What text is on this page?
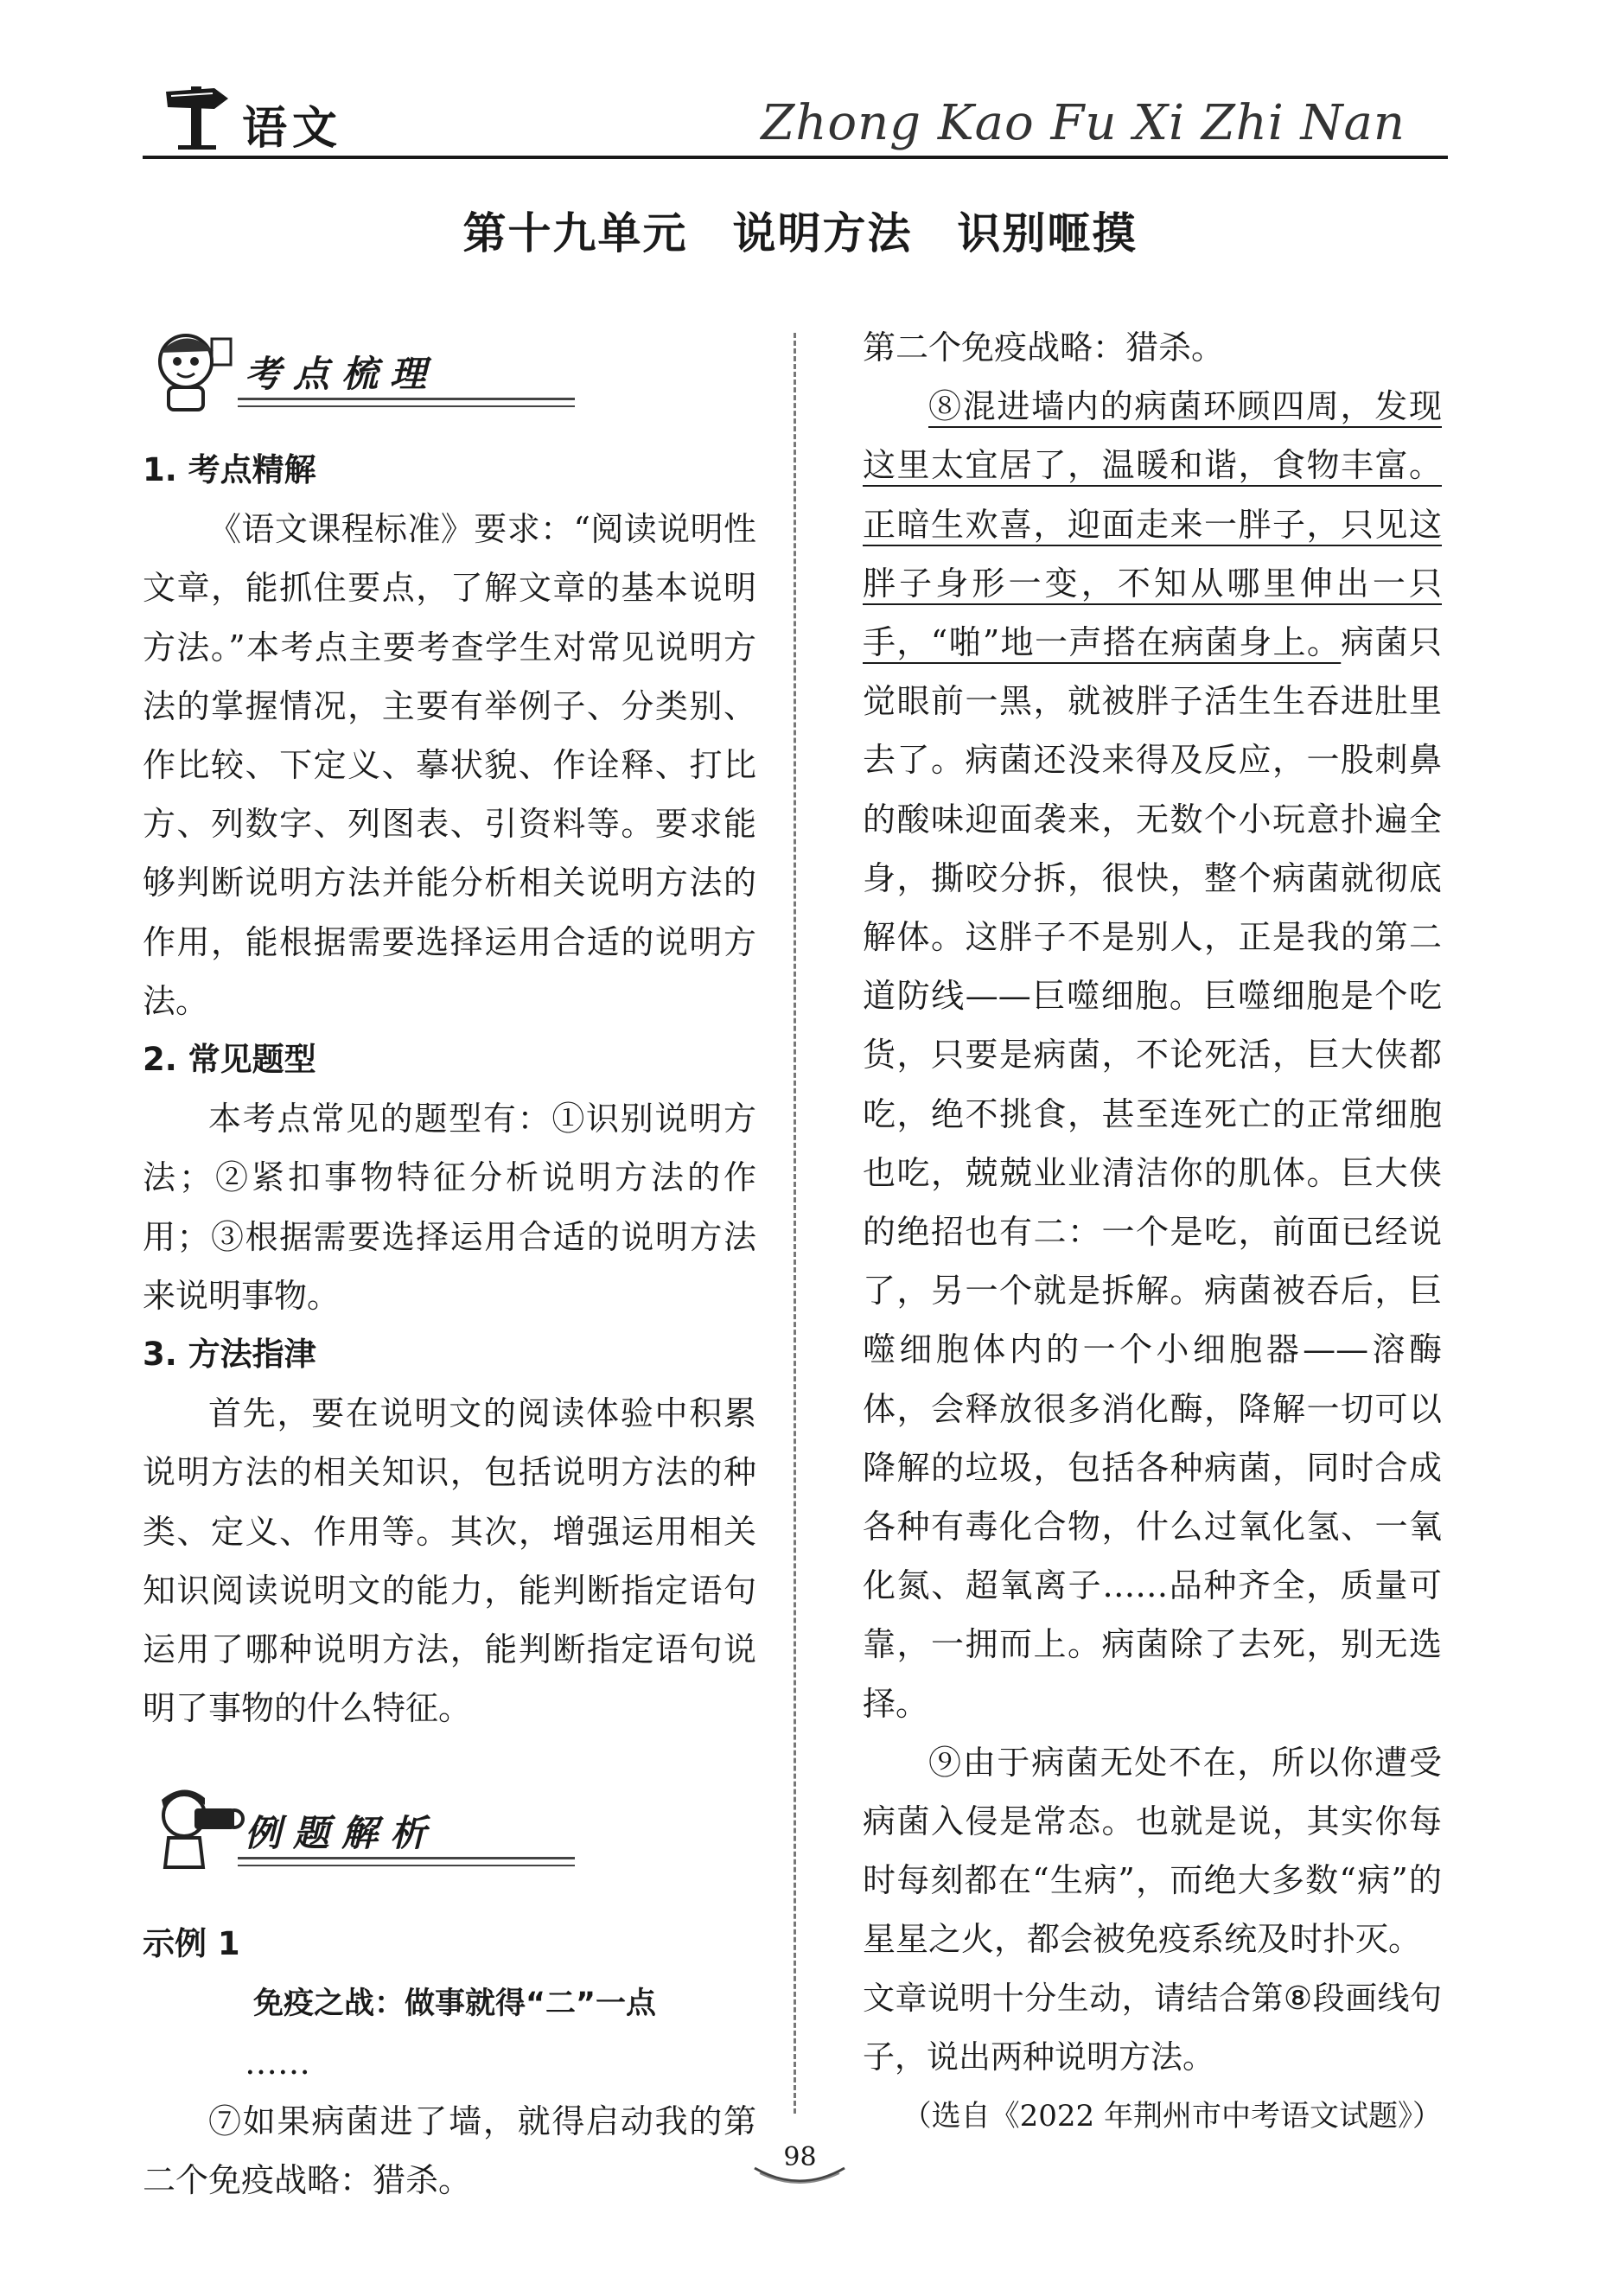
语文	Zhong Kao Fu Xi Zhi Nan
第十九单元　说明方法　识别咂摸
考点梳理
例题解析
1. 考点精解
《语文课程标准》要求：“阅读说明性文章，能抓住要点，了解文章的基本说明方法。”本考点主要考查学生对常见说明方法的掌握情况，主要有举例子、分类别、作比较、下定义、摹状貌、作诠释、打比方、列数字、列图表、引资料等。要求能够判断说明方法并能分析相关说明方法的作用，能根据需要选择运用合适的说明方法。
2. 常见题型
本考点常见的题型有：①识别说明方法；②紧扣事物特征分析说明方法的作用；③根据需要选择运用合适的说明方法来说明事物。
3. 方法指津
首先，要在说明文的阅读体验中积累说明方法的相关知识，包括说明方法的种类、定义、作用等。其次，增强运用相关知识阅读说明文的能力，能判断指定语句运用了哪种说明方法，能判断指定语句说明了事物的什么特征。
示例 1
免疫之战：做事就得“二”一点
……
⑦如果病菌进了墙，就得启动我的第二个免疫战略：猎杀。
第二个免疫战略：猎杀。
⑧混进墙内的病菌环顾四周，发现这里太宜居了，温暖和谐，食物丰富。正暗生欢喜，迎面走来一胖子，只见这胖子身形一变，不知从哪里伸出一只手，“啪”地一声搭在病菌身上。病菌只觉眼前一黑，就被胖子活生生吞进肚里去了。病菌还没来得及反应，一股刺鼻的酸味迎面袭来，无数个小玩意扑遍全身，撕咬分拆，很快，整个病菌就彻底解体。这胖子不是别人，正是我的第二道防线——巨噬细胞。巨噬细胞是个吃货，只要是病菌，不论死活，巨大侠都吃，绝不挑食，甚至连死亡的正常细胞也吃，兢兢业业清洁你的肌体。巨大侠的绝招也有二：一个是吃，前面已经说了，另一个就是拆解。病菌被吞后，巨噬细胞体内的一个小细胞器——溶酶体，会释放很多消化酶，降解一切可以降解的垃圾，包括各种病菌，同时合成各种有毒化合物，什么过氧化氢、一氧化氮、超氧离子……品种齐全，质量可靠，一拥而上。病菌除了去死，别无选择。
⑨由于病菌无处不在，所以你遭受病菌入侵是常态。也就是说，其实你每时每刻都在“生病”，而绝大多数“病”的星星之火，都会被免疫系统及时扑灭。
文章说明十分生动，请结合第⑧段画线句子，说出两种说明方法。
（选自《2022 年荆州市中考语文试题》）
98
